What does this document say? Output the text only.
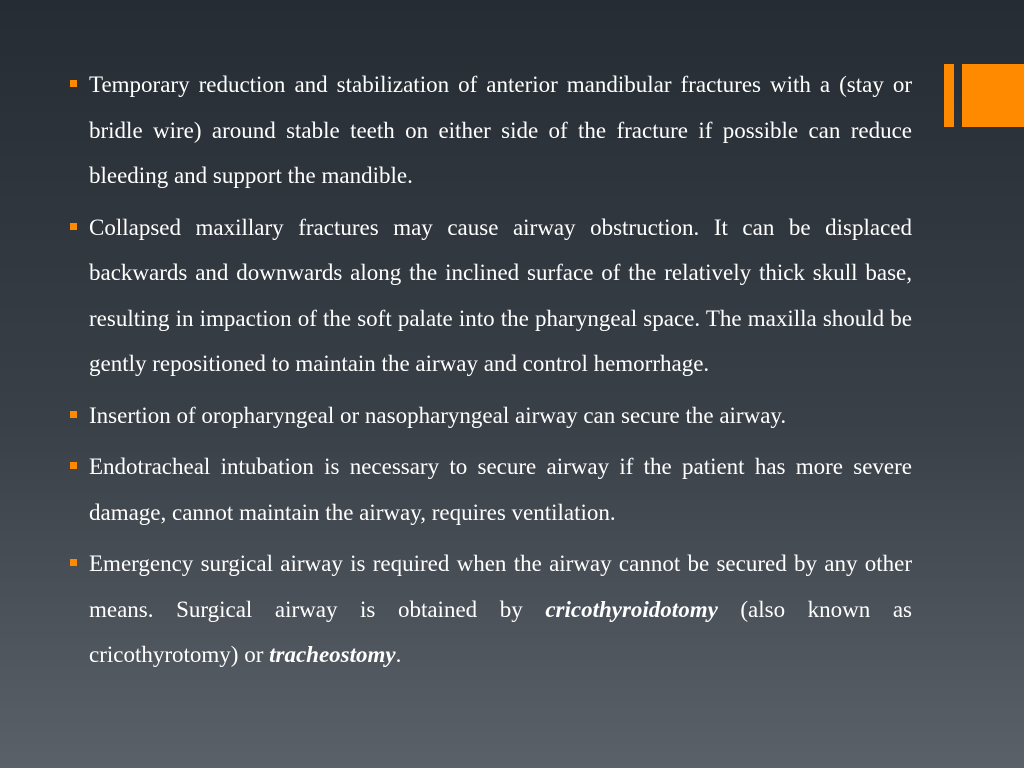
Temporary reduction and stabilization of anterior mandibular fractures with a (stay or bridle wire) around stable teeth on either side of the fracture if possible can reduce bleeding and support the mandible.
Collapsed maxillary fractures may cause airway obstruction. It can be displaced backwards and downwards along the inclined surface of the relatively thick skull base, resulting in impaction of the soft palate into the pharyngeal space. The maxilla should be gently repositioned to maintain the airway and control hemorrhage.
Insertion of oropharyngeal or nasopharyngeal airway can secure the airway.
Endotracheal intubation is necessary to secure airway if the patient has more severe damage, cannot maintain the airway, requires ventilation.
Emergency surgical airway is required when the airway cannot be secured by any other means. Surgical airway is obtained by cricothyroidotomy (also known as cricothyrotomy) or tracheostomy.
